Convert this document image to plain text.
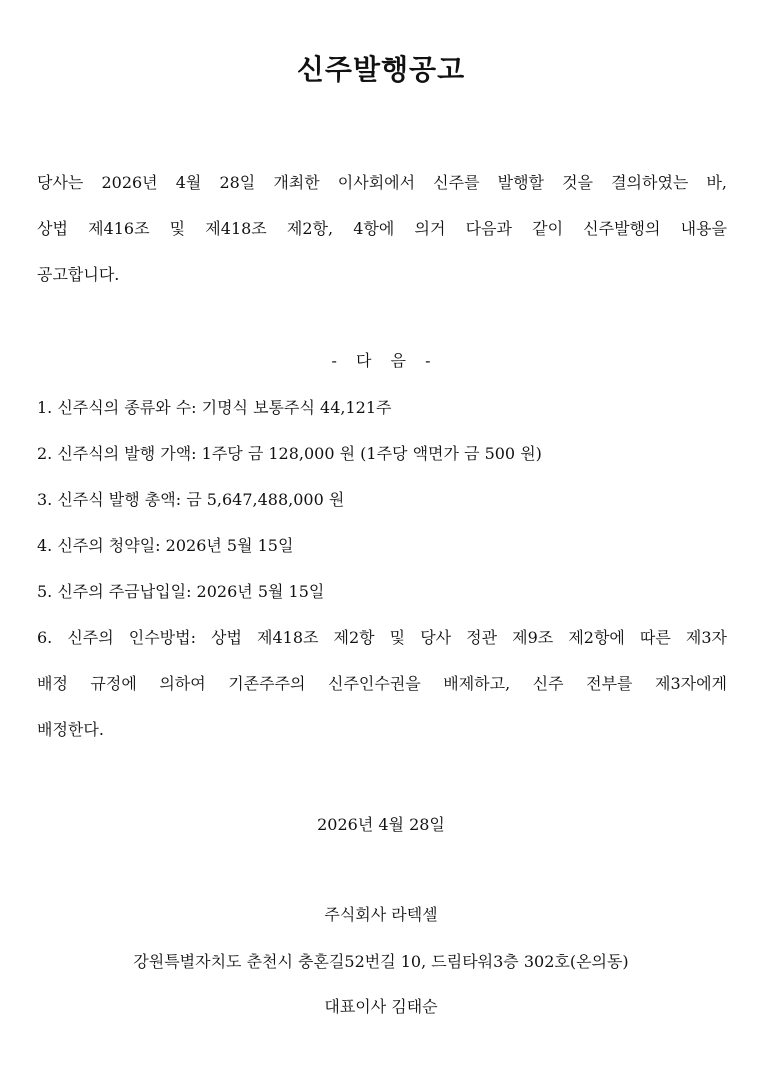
신주발행공고

당사는 2026년 4월 28일 개최한 이사회에서 신주를 발행할 것을 결의하였는 바,
상법 제416조 및 제418조 제2항, 4항에 의거 다음과 같이 신주발행의 내용을
공고합니다.

- 다 음 -

1. 신주식의 종류와 수: 기명식 보통주식 44,121주
2. 신주식의 발행 가액: 1주당 금 128,000 원 (1주당 액면가 금 500 원)
3. 신주식 발행 총액: 금 5,647,488,000 원
4. 신주의 청약일: 2026년 5월 15일
5. 신주의 주금납입일: 2026년 5월 15일
6. 신주의 인수방법: 상법 제418조 제2항 및 당사 정관 제9조 제2항에 따른 제3자
배정 규정에 의하여 기존주주의 신주인수권을 배제하고, 신주 전부를 제3자에게
배정한다.

2026년 4월 28일

주식회사 라텍셀

강원특별자치도 춘천시 충혼길52번길 10, 드림타워3층 302호(온의동)

대표이사 김태순
